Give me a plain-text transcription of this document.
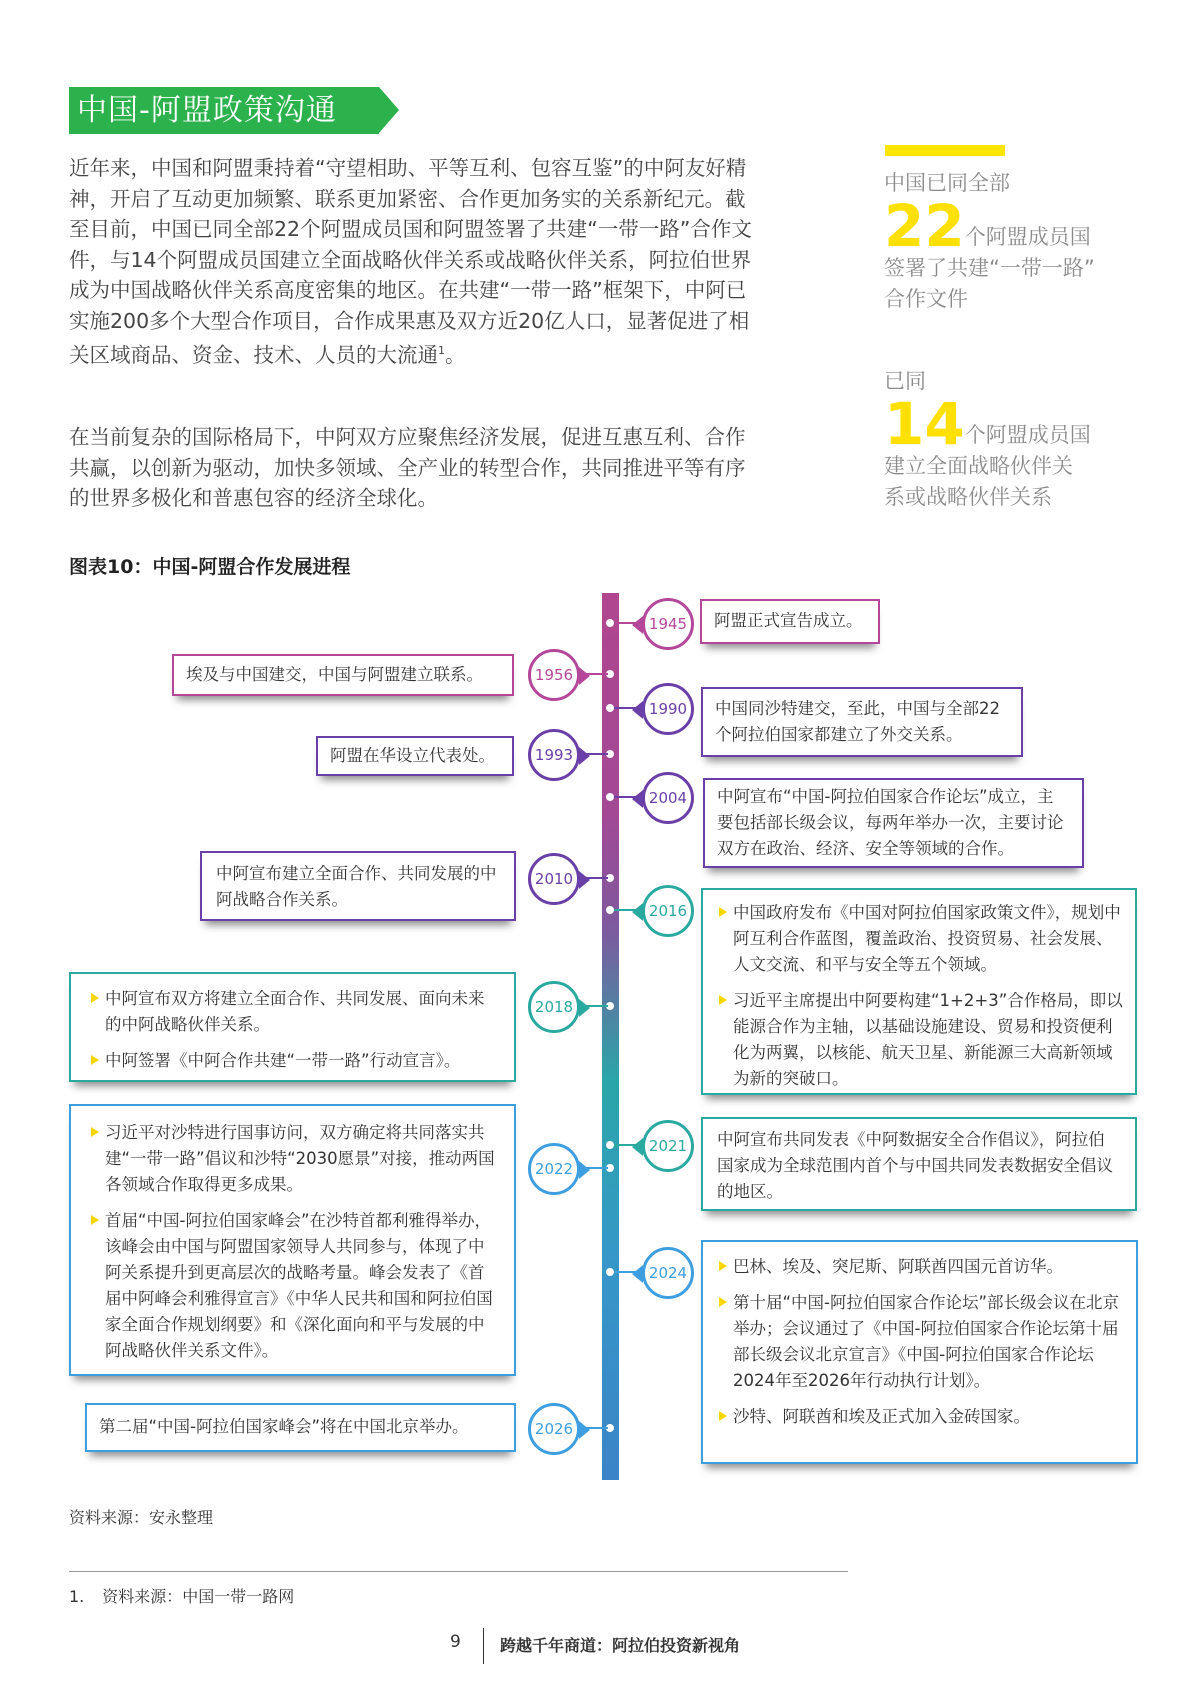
中国-阿盟政策沟通

近年来，中国和阿盟秉持着“守望相助、平等互利、包容互鉴”的中阿友好精神，开启了互动更加频繁、联系更加紧密、合作更加务实的关系新纪元。截至目前，中国已同全部22个阿盟成员国和阿盟签署了共建“一带一路”合作文件，与14个阿盟成员国建立全面战略伙伴关系或战略伙伴关系，阿拉伯世界成为中国战略伙伴关系高度密集的地区。在共建“一带一路”框架下，中阿已实施200多个大型合作项目，合作成果惠及双方近20亿人口，显著促进了相关区域商品、资金、技术、人员的大流通$^1$。

在当前复杂的国际格局下，中阿双方应聚焦经济发展，促进互惠互利、合作共赢，以创新为驱动，加快多领域、全产业的转型合作，共同推进平等有序的世界多极化和普惠包容的经济全球化。

中国已同全部
22个阿盟成员国
签署了共建“一带一路”
合作文件
已同
14个阿盟成员国
建立全面战略伙伴关
系或战略伙伴关系
图表10：中国-阿盟合作发展进程
1945	阿盟正式宣告成立。

1956

埃及与中国建交，中国与阿盟建立联系。

1990	中国同沙特建交，至此，中国与全部22个阿拉伯国家都建立了外交关系。

1993

阿盟在华设立代表处。

2004	中阿宣布“中国-阿拉伯国家合作论坛”成立，主要包括部长级会议，每两年举办一次，主要讨论双方在政治、经济、安全等领域的合作。

2010

中阿宣布建立全面合作、共同发展的中阿战略合作关系。

2016	中国政府发布《中国对阿拉伯国家政策文件》，规划中阿互利合作蓝图，覆盖政治、投资贸易、社会发展、人文交流、和平与安全等五个领域。

习近平主席提出中阿要构建“1+2+3”合作格局，即以能源合作为主轴，以基础设施建设、贸易和投资便利化为两翼，以核能、航天卫星、新能源三大高新领域为新的突破口。

2018

中阿宣布双方将建立全面合作、共同发展、面向未来的中阿战略伙伴关系。

中阿签署《中阿合作共建“一带一路”行动宣言》。

2021	中阿宣布共同发表《中阿数据安全合作倡议》，阿拉伯国家成为全球范围内首个与中国共同发表数据安全倡议的地区。

2022

习近平对沙特进行国事访问，双方确定将共同落实共建“一带一路”倡议和沙特“2030愿景”对接，推动两国各领域合作取得更多成果。

首届“中国-阿拉伯国家峰会”在沙特首都利雅得举办，该峰会由中国与阿盟国家领导人共同参与，体现了中阿关系提升到更高层次的战略考量。峰会发表了《首届中阿峰会利雅得宣言》《中华人民共和国和阿拉伯国家全面合作规划纲要》和《深化面向和平与发展的中阿战略伙伴关系文件》。

2024	巴林、埃及、突尼斯、阿联酋四国元首访华。

第十届“中国-阿拉伯国家合作论坛”部长级会议在北京举办；会议通过了《中国-阿拉伯国家合作论坛第十届部长级会议北京宣言》《中国-阿拉伯国家合作论坛2024年至2026年行动执行计划》。

沙特、阿联酋和埃及正式加入金砖国家。

2026

第二届“中国-阿拉伯国家峰会”将在中国北京举办。

资料来源：安永整理
1. 资料来源：中国一带一路网
9 跨越千年商道：阿拉伯投资新视角
